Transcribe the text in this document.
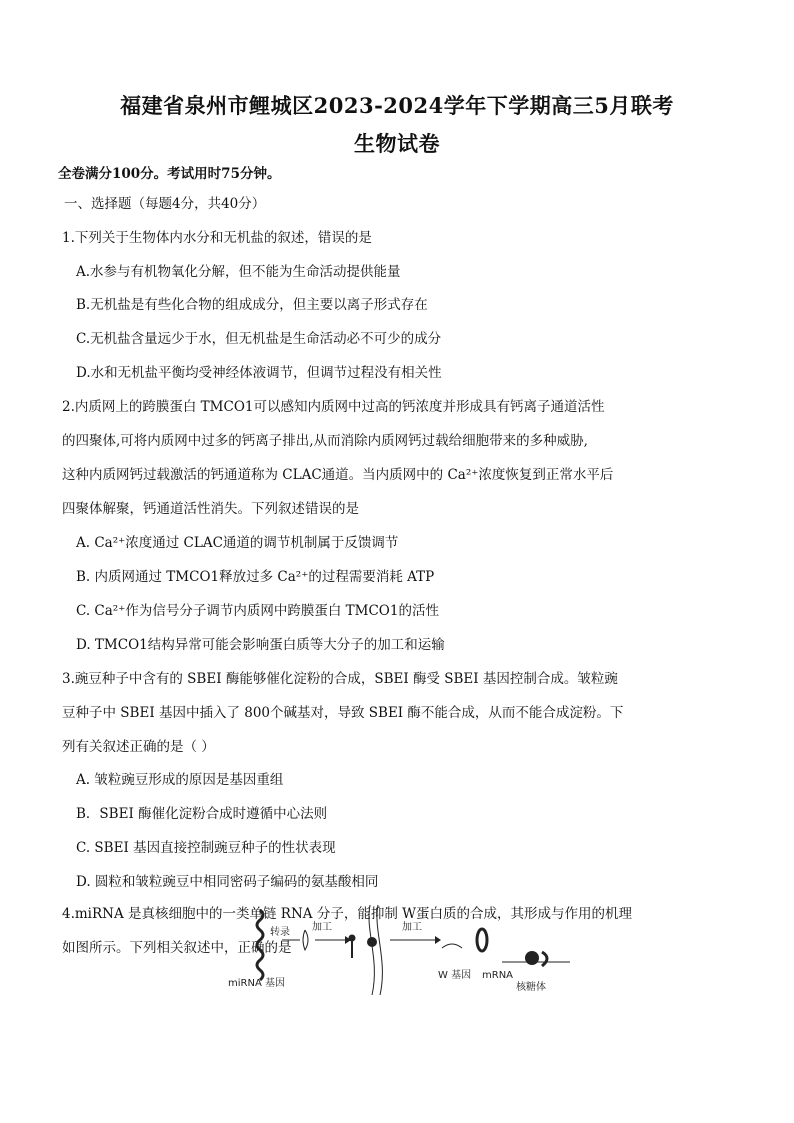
福建省泉州市鲤城区2023-2024学年下学期高三5月联考
生物试卷
全卷满分100分。考试用时75分钟。
一、选择题（每题4分，共40分）
1.下列关于生物体内水分和无机盐的叙述，错误的是
A.水参与有机物氧化分解，但不能为生命活动提供能量
B.无机盐是有些化合物的组成成分，但主要以离子形式存在
C.无机盐含量远少于水，但无机盐是生命活动必不可少的成分
D.水和无机盐平衡均受神经体液调节，但调节过程没有相关性
2.内质网上的跨膜蛋白 TMCO1可以感知内质网中过高的钙浓度并形成具有钙离子通道活性
的四聚体,可将内质网中过多的钙离子排出,从而消除内质网钙过载给细胞带来的多种威胁,
这种内质网钙过载激活的钙通道称为 CLAC通道。当内质网中的 Ca²⁺浓度恢复到正常水平后
四聚体解聚，钙通道活性消失。下列叙述错误的是
A. Ca²⁺浓度通过 CLAC通道的调节机制属于反馈调节
B. 内质网通过 TMCO1释放过多 Ca²⁺的过程需要消耗 ATP
C. Ca²⁺作为信号分子调节内质网中跨膜蛋白 TMCO1的活性
D. TMCO1结构异常可能会影响蛋白质等大分子的加工和运输
3.豌豆种子中含有的 SBEI 酶能够催化淀粉的合成，SBEI 酶受 SBEI 基因控制合成。皱粒豌
豆种子中 SBEI 基因中插入了 800个碱基对，导致 SBEI 酶不能合成，从而不能合成淀粉。下
列有关叙述正确的是（ ）
A. 皱粒豌豆形成的原因是基因重组
B．SBEI 酶催化淀粉合成时遵循中心法则
C. SBEI 基因直接控制豌豆种子的性状表现
D. 圆粒和皱粒豌豆中相同密码子编码的氨基酸相同
4.miRNA 是真核细胞中的一类单链 RNA 分子，能抑制 W蛋白质的合成，其形成与作用的机理
如图所示。下列相关叙述中，正确的是
miRNA 基因
转录 加工	加工
W 基因 mRNA
核糖体
